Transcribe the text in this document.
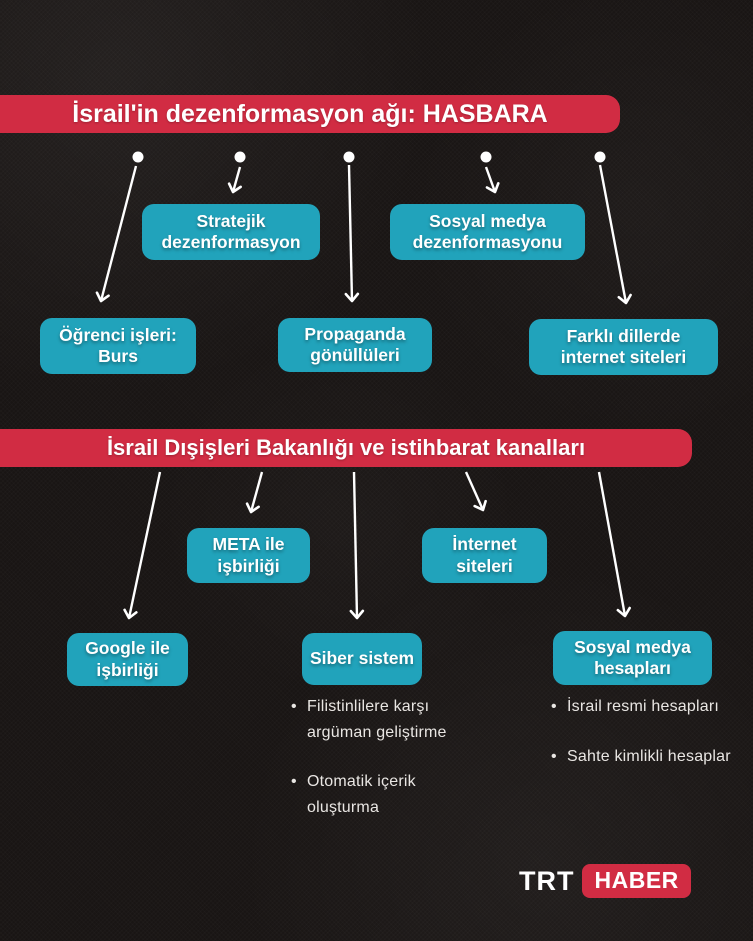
İsrail'in dezenformasyon ağı: HASBARA
Stratejik dezenformasyon
Sosyal medya dezenformasyonu
Öğrenci işleri: Burs
Propaganda gönüllüleri
Farklı dillerde internet siteleri
İsrail Dışişleri Bakanlığı ve istihbarat kanalları
META ile işbirliği
İnternet siteleri
Google ile işbirliği
Siber sistem
Sosyal medya hesapları
• Filistinlilere karşı argüman geliştirme
• Otomatik içerik oluşturma
• İsrail resmi hesapları
• Sahte kimlikli hesaplar
TRT HABER
